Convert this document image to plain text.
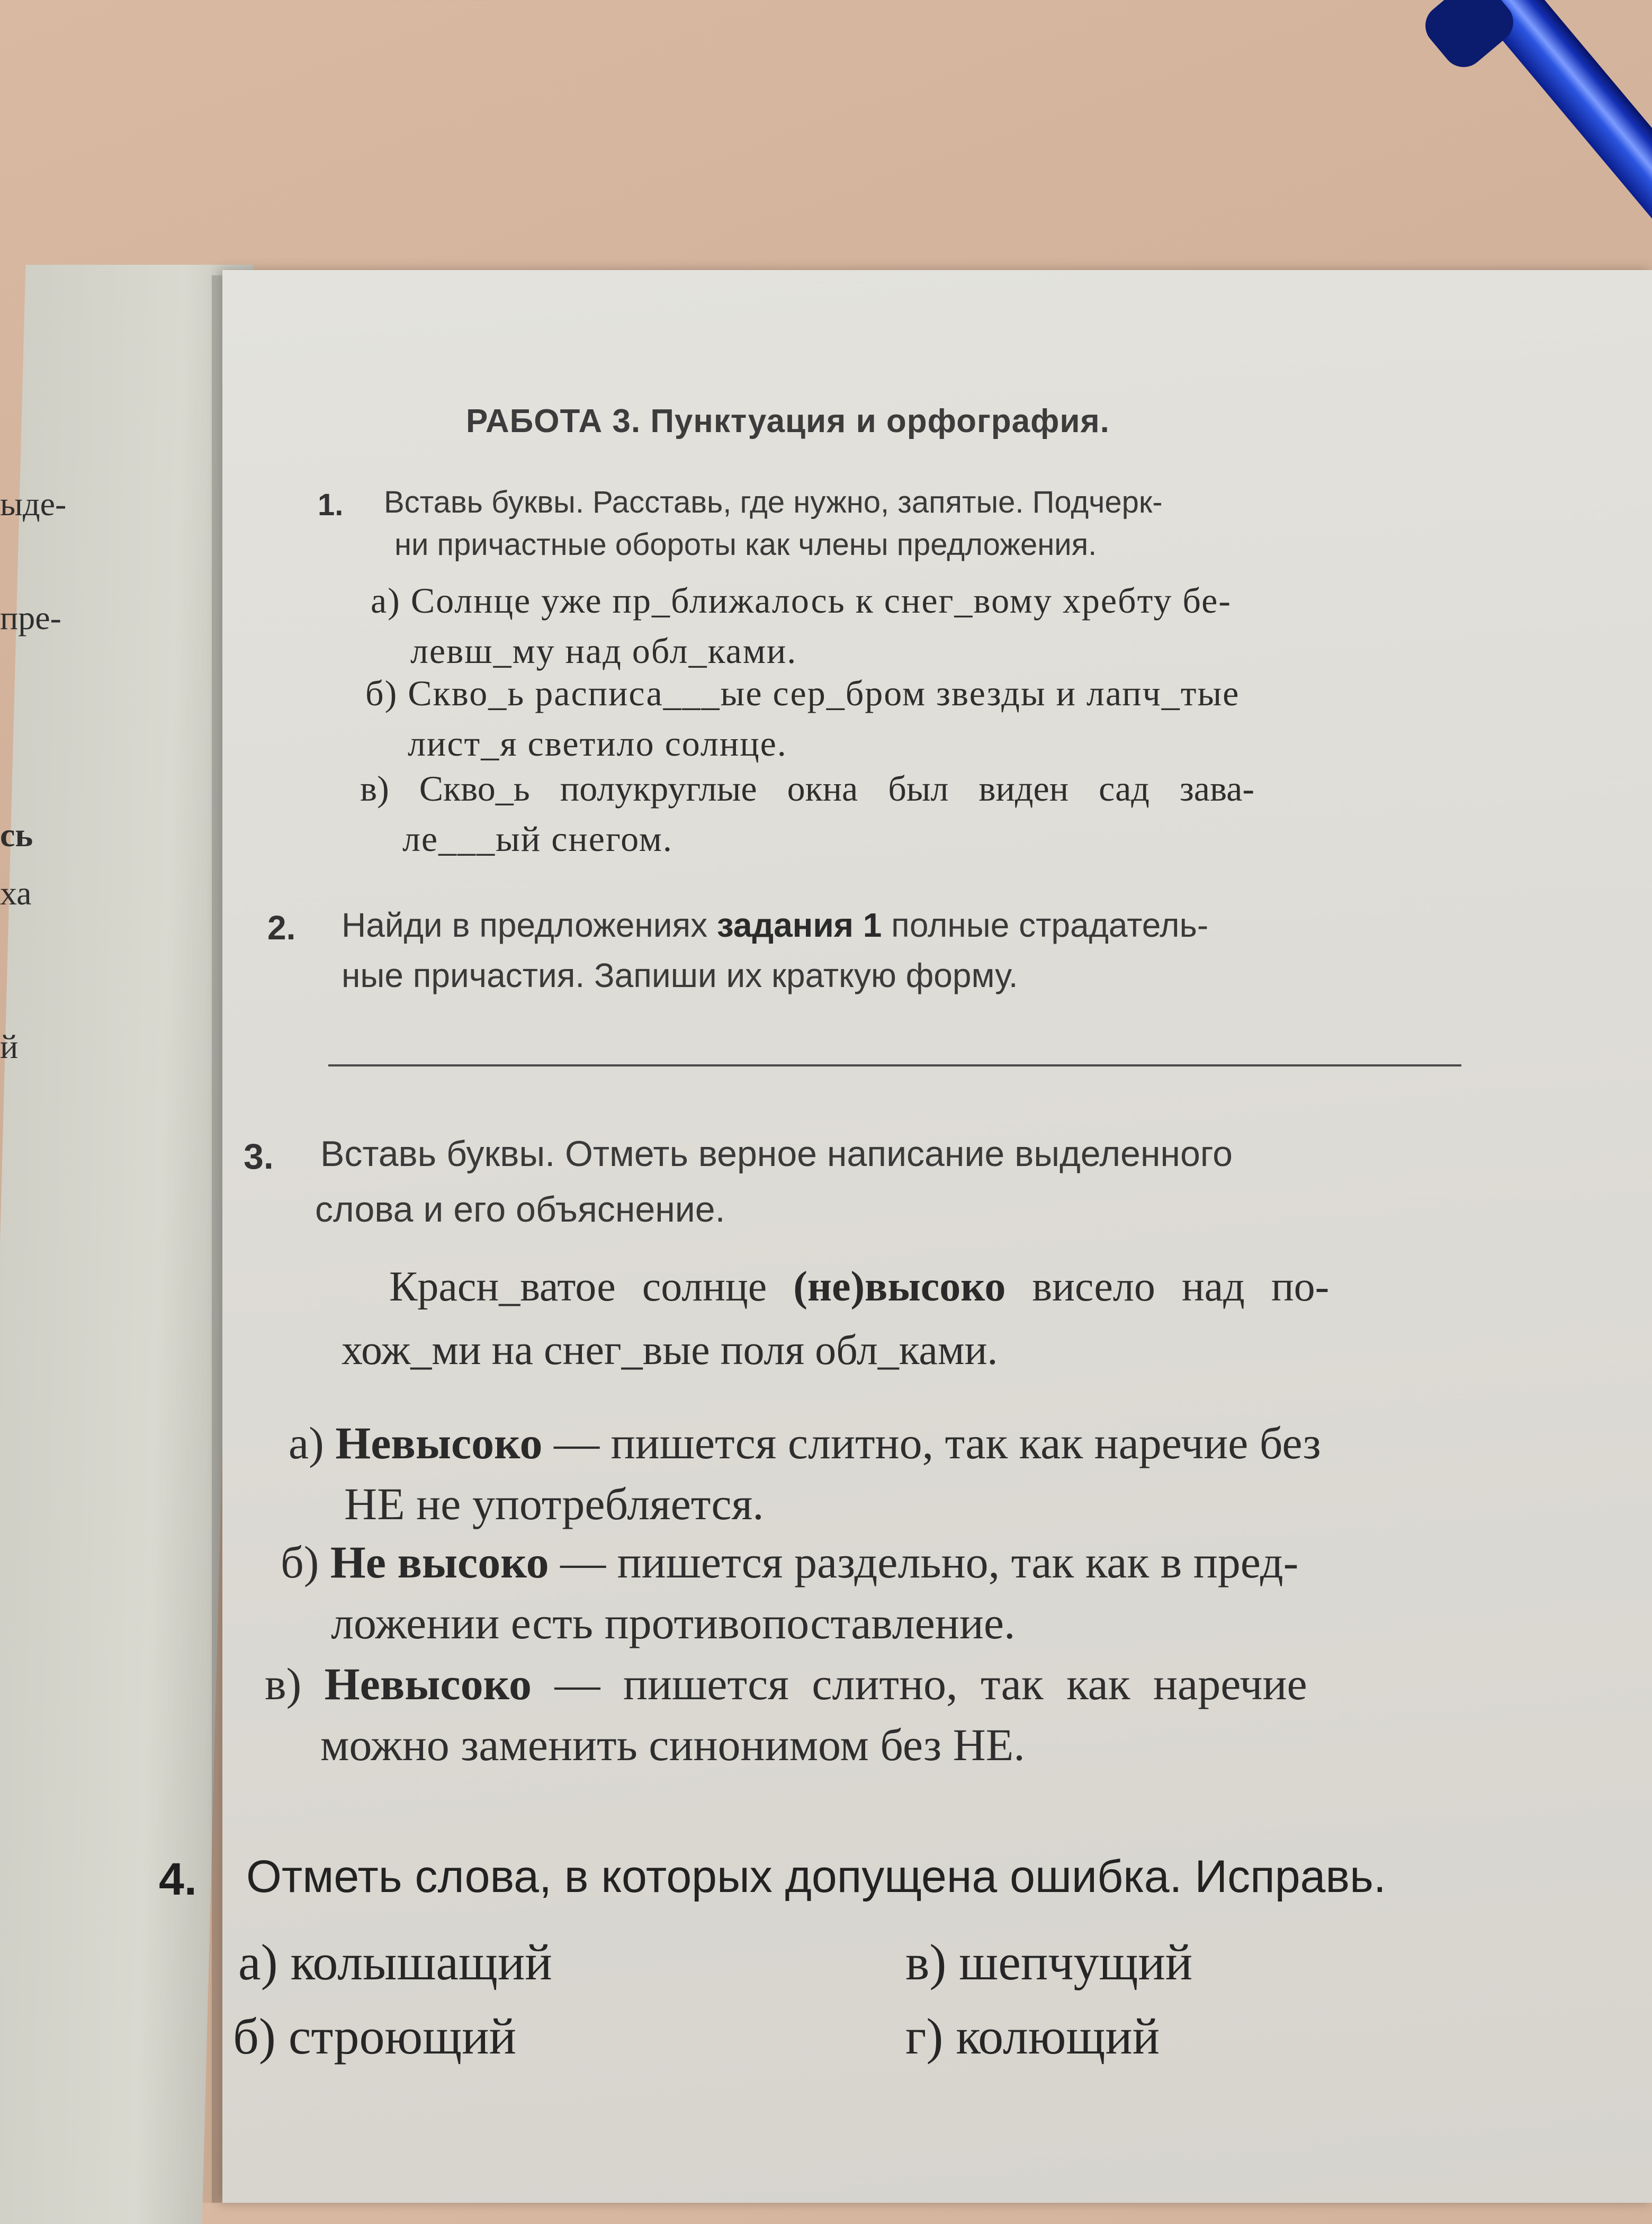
ыде-
пре-
сь
ха
й
РАБОТА 3. Пунктуация и орфография.
1. Вставь буквы. Расставь, где нужно, запятые. Подчерк-
ни причастные обороты как члены предложения.
а) Солнце уже пр_ближалось к снег_вому хребту бе-
левш_му над обл_ками.
б) Скво_ь расписа___ые сер_бром звезды и лапч_тые
лист_я светило солнце.
в) Скво_ь полукруглые окна был виден сад зава-
ле___ый снегом.
2. Найди в предложениях задания 1 полные страдатель-
ные причастия. Запиши их краткую форму.
3. Вставь буквы. Отметь верное написание выделенного
слова и его объяснение.
Красн_ватое солнце (не)высоко висело над по-
хож_ми на снег_вые поля обл_ками.
а) Невысоко — пишется слитно, так как наречие без
НЕ не употребляется.
б) Не высоко — пишется раздельно, так как в пред-
ложении есть противопоставление.
в) Невысоко — пишется слитно, так как наречие
можно заменить синонимом без НЕ.
4. Отметь слова, в которых допущена ошибка. Исправь.
а) колышащий
б) строющий
в) шепчущий
г) колющий
